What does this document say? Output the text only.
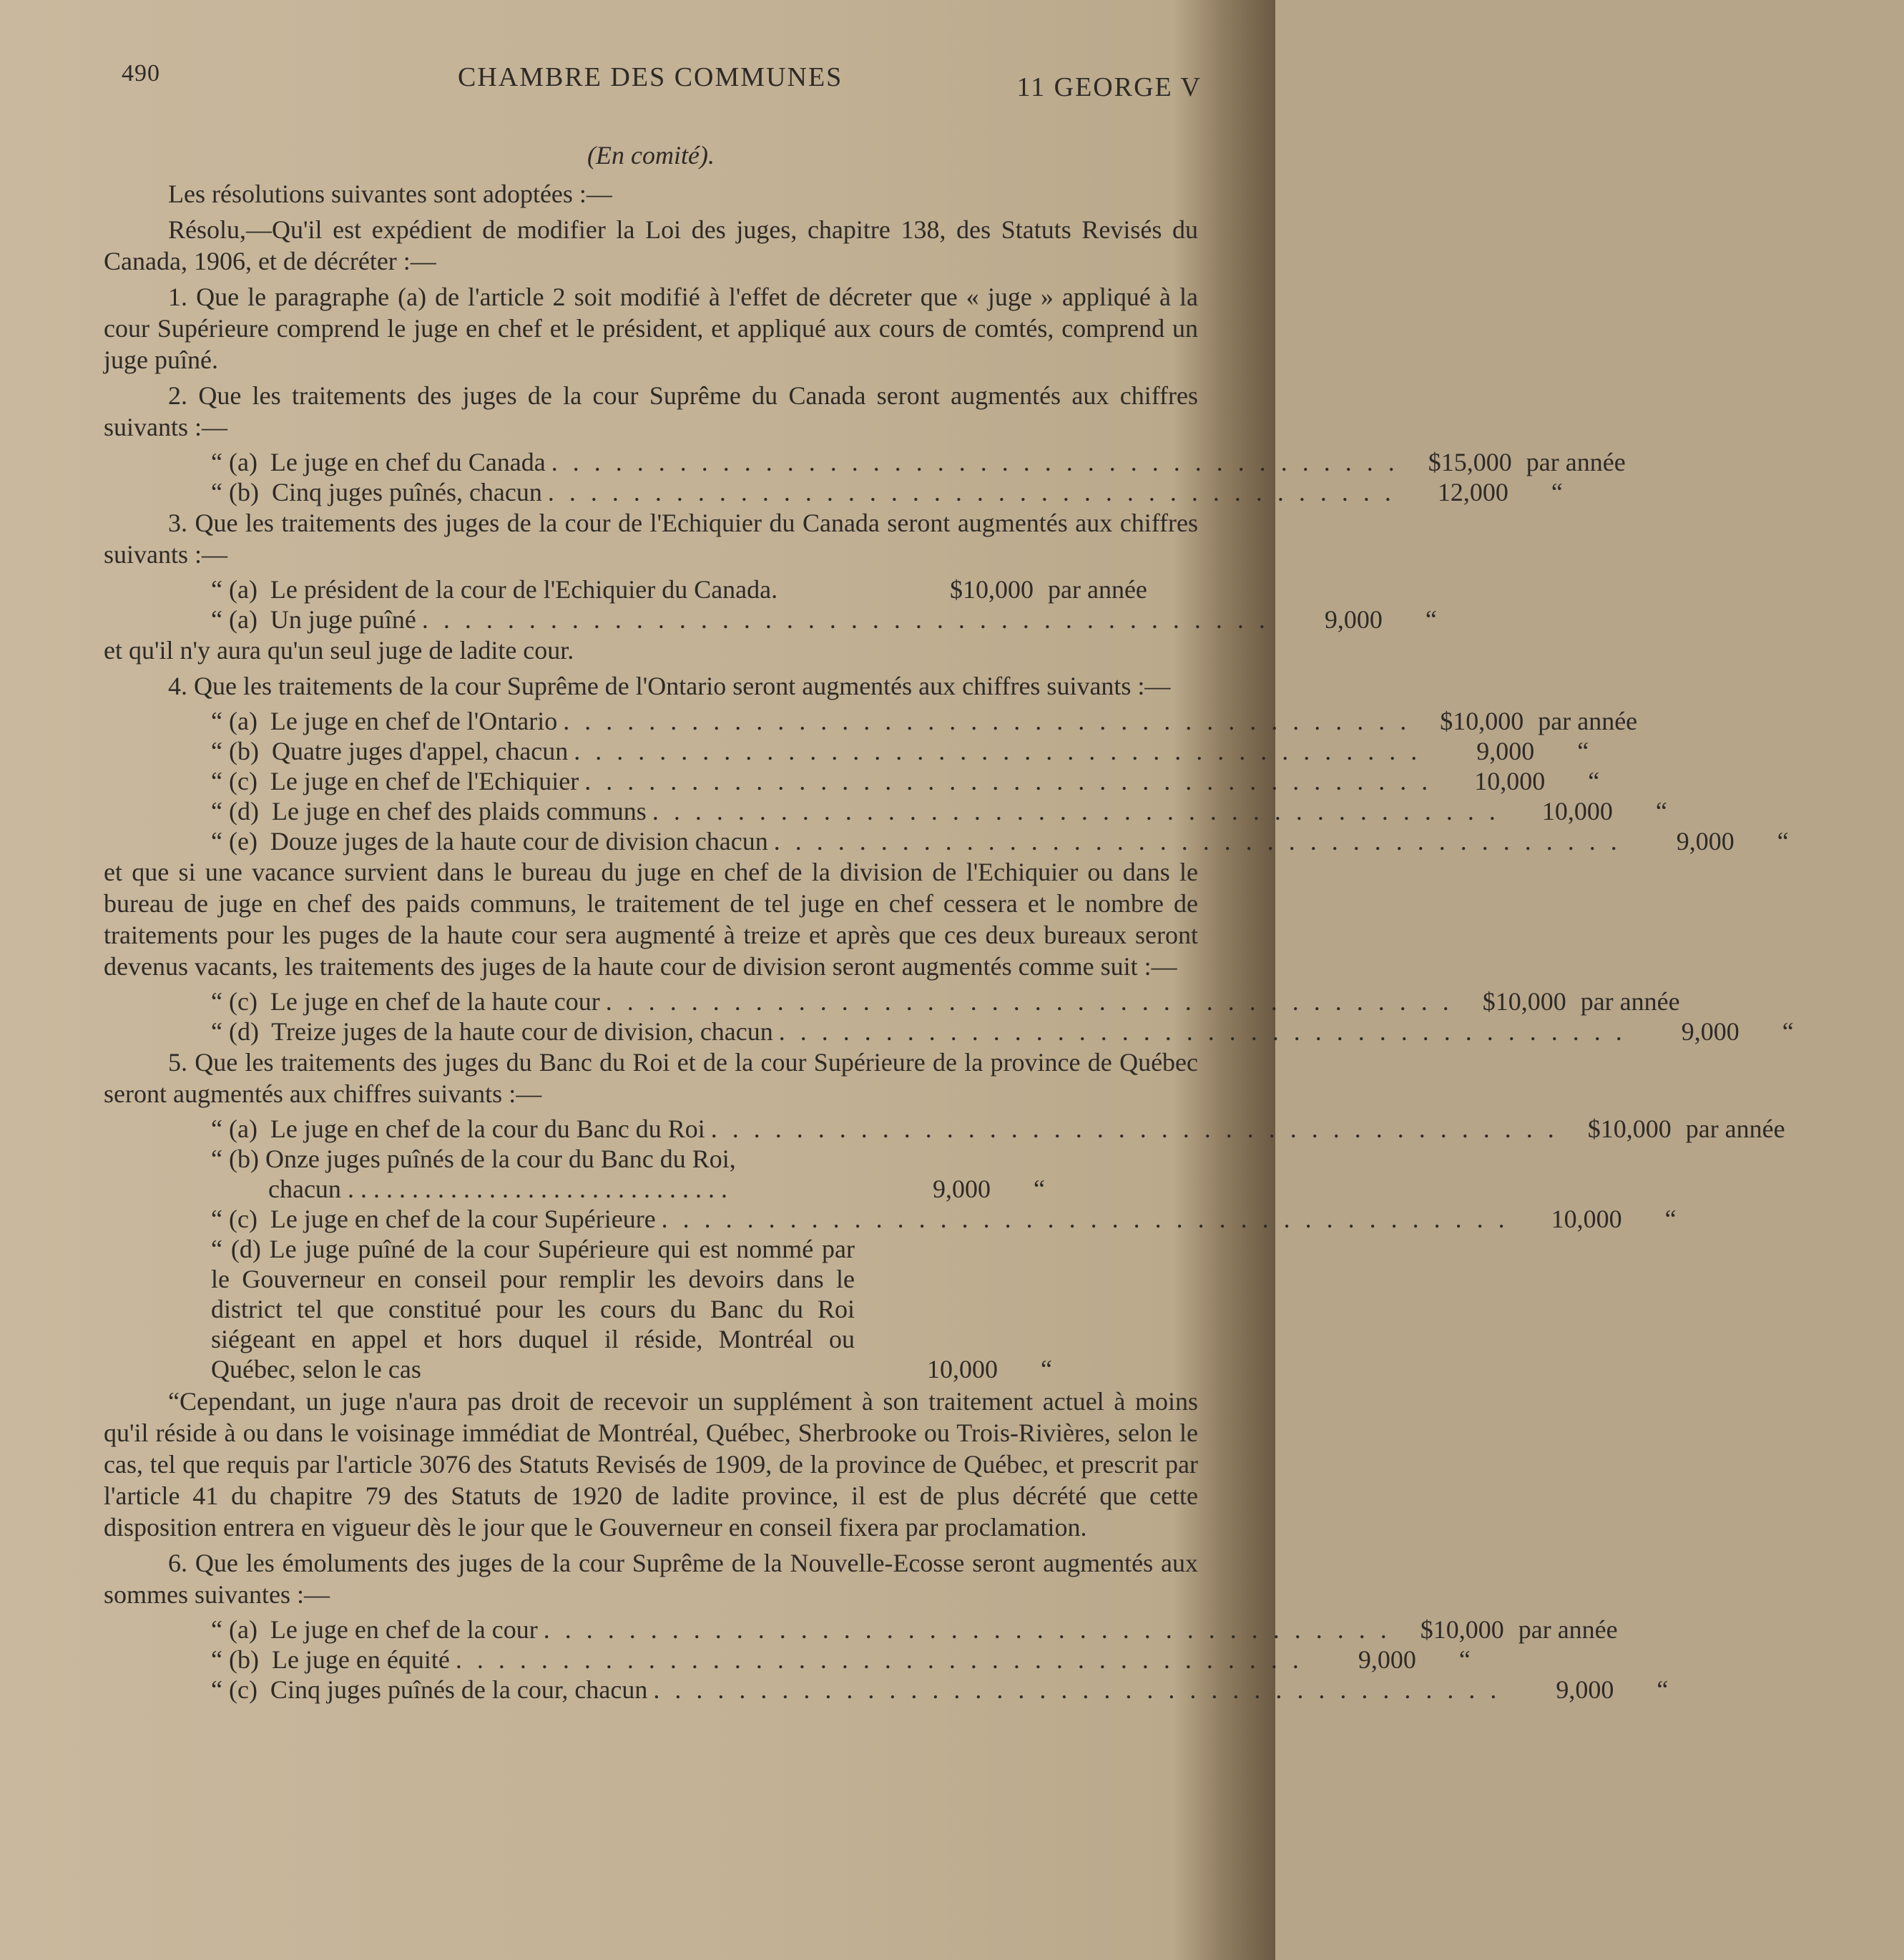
490	CHAMBRE DES COMMUNES	11 GEORGE V
(En comité).

Les résolutions suivantes sont adoptées :—

Résolu,—Qu'il est expédient de modifier la Loi des juges, chapitre 138, des Statuts Revisés du Canada, 1906, et de décréter :—

1. Que le paragraphe (a) de l'article 2 soit modifié à l'effet de décreter que « juge » appliqué à la cour Supérieure comprend le juge en chef et le président, et appliqué aux cours de comtés, comprend un juge puîné.

2. Que les traitements des juges de la cour Suprême du Canada seront augmentés aux chiffres suivants :—

“ (a)  Le juge en chef du Canada . . . . . . . . . . . . . . . . . . . . . . . . . . . . . . . . . . . . . . . .	$15,000 par année
“ (b)  Cinq juges puînés, chacun . . . . . . . . . . . . . . . . . . . . . . . . . . . . . . . . . . . . . . . .	12,000	“

3. Que les traitements des juges de la cour de l'Echiquier du Canada seront augmentés aux chiffres suivants :—

“ (a)  Le président de la cour de l'Echiquier du Canada.	$10,000 par année
“ (a)  Un juge puîné . . . . . . . . . . . . . . . . . . . . . . . . . . . . . . . . . . . . . . . .	9,000	“

et qu'il n'y aura qu'un seul juge de ladite cour.

4. Que les traitements de la cour Suprême de l'Ontario seront augmentés aux chiffres suivants :—

“ (a)  Le juge en chef de l'Ontario . . . . . . . . . . . . . . . . . . . . . . . . . . . . . . . . . . . . . . . .	$10,000 par année
“ (b)  Quatre juges d'appel, chacun . . . . . . . . . . . . . . . . . . . . . . . . . . . . . . . . . . . . . . . .	9,000	“
“ (c)  Le juge en chef de l'Echiquier . . . . . . . . . . . . . . . . . . . . . . . . . . . . . . . . . . . . . . . .	10,000	“
“ (d)  Le juge en chef des plaids communs . . . . . . . . . . . . . . . . . . . . . . . . . . . . . . . . . . . . . . . .	10,000	“
“ (e)  Douze juges de la haute cour de division chacun . . . . . . . . . . . . . . . . . . . . . . . . . . . . . . . . . . . . . . . .	9,000	“

et que si une vacance survient dans le bureau du juge en chef de la division de l'Echiquier ou dans le bureau de juge en chef des paids communs, le traitement de tel juge en chef cessera et le nombre de traitements pour les puges de la haute cour sera augmenté à treize et après que ces deux bureaux seront devenus vacants, les traitements des juges de la haute cour de division seront augmentés comme suit :—

“ (c)  Le juge en chef de la haute cour . . . . . . . . . . . . . . . . . . . . . . . . . . . . . . . . . . . . . . . .	$10,000 par année
“ (d)  Treize juges de la haute cour de division, chacun . . . . . . . . . . . . . . . . . . . . . . . . . . . . . . . . . . . . . . . .	9,000	“

5. Que les traitements des juges du Banc du Roi et de la cour Supérieure de la province de Québec seront augmentés aux chiffres suivants :—

“ (a)  Le juge en chef de la cour du Banc du Roi . . . . . . . . . . . . . . . . . . . . . . . . . . . . . . . . . . . . . . . .	$10,000 par année
“ (b) Onze juges puînés de la cour du Banc du Roi,
chacun . . . . . . . . . . . . . . . . . . . . . . . . . . . . . .	9,000	“
“ (c)  Le juge en chef de la cour Supérieure . . . . . . . . . . . . . . . . . . . . . . . . . . . . . . . . . . . . . . . .	10,000	“
“ (d) Le juge puîné de la cour Supérieure qui est nommé par le Gouverneur en conseil pour remplir les devoirs dans le district tel que constitué pour les cours du Banc du Roi siégeant en appel et hors duquel il réside, Montréal ou Québec, selon le cas	10,000	“

“Cependant, un juge n'aura pas droit de recevoir un supplément à son traitement actuel à moins qu'il réside à ou dans le voisinage immédiat de Montréal, Québec, Sherbrooke ou Trois-Rivières, selon le cas, tel que requis par l'article 3076 des Statuts Revisés de 1909, de la province de Québec, et prescrit par l'article 41 du chapitre 79 des Statuts de 1920 de ladite province, il est de plus décrété que cette disposition entrera en vigueur dès le jour que le Gouverneur en conseil fixera par proclamation.

6. Que les émoluments des juges de la cour Suprême de la Nouvelle-Ecosse seront augmentés aux sommes suivantes :—

“ (a)  Le juge en chef de la cour . . . . . . . . . . . . . . . . . . . . . . . . . . . . . . . . . . . . . . . .	$10,000 par année
“ (b)  Le juge en équité . . . . . . . . . . . . . . . . . . . . . . . . . . . . . . . . . . . . . . . .	9,000	“
“ (c)  Cinq juges puînés de la cour, chacun . . . . . . . . . . . . . . . . . . . . . . . . . . . . . . . . . . . . . . . .	9,000	“
